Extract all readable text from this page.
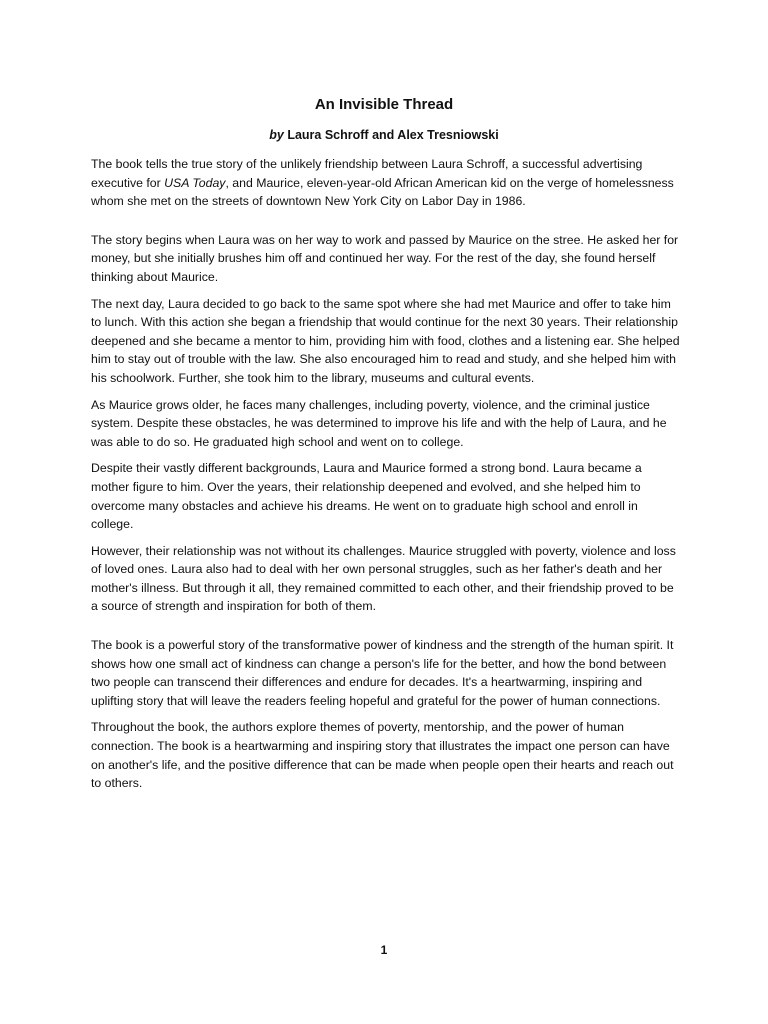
An Invisible Thread
by Laura Schroff and Alex Tresniowski

The book tells the true story of the unlikely friendship between Laura Schroff, a successful advertising executive for USA Today, and Maurice, eleven-year-old African American kid on the verge of homelessness whom she met on the streets of downtown New York City on Labor Day in 1986.

The story begins when Laura was on her way to work and passed by Maurice on the stree. He asked her for money, but she initially brushes him off and continued her way. For the rest of the day, she found herself thinking about Maurice.

The next day, Laura decided to go back to the same spot where she had met Maurice and offer to take him to lunch. With this action she began a friendship that would continue for the next 30 years. Their relationship deepened and she became a mentor to him, providing him with food, clothes and a listening ear. She helped him to stay out of trouble with the law. She also encouraged him to read and study, and she helped him with his schoolwork. Further, she took him to the library, museums and cultural events.

As Maurice grows older, he faces many challenges, including poverty, violence, and the criminal justice system. Despite these obstacles, he was determined to improve his life and with the help of Laura, and he was able to do so. He graduated high school and went on to college.

Despite their vastly different backgrounds, Laura and Maurice formed a strong bond. Laura became a mother figure to him. Over the years, their relationship deepened and evolved, and she helped him to overcome many obstacles and achieve his dreams. He went on to graduate high school and enroll in college.

However, their relationship was not without its challenges. Maurice struggled with poverty, violence and loss of loved ones. Laura also had to deal with her own personal struggles, such as her father's death and her mother's illness. But through it all, they remained committed to each other, and their friendship proved to be a source of strength and inspiration for both of them.

The book is a powerful story of the transformative power of kindness and the strength of the human spirit. It shows how one small act of kindness can change a person's life for the better, and how the bond between two people can transcend their differences and endure for decades. It's a heartwarming, inspiring and uplifting story that will leave the readers feeling hopeful and grateful for the power of human connections.

Throughout the book, the authors explore themes of poverty, mentorship, and the power of human connection. The book is a heartwarming and inspiring story that illustrates the impact one person can have on another's life, and the positive difference that can be made when people open their hearts and reach out to others.

1
